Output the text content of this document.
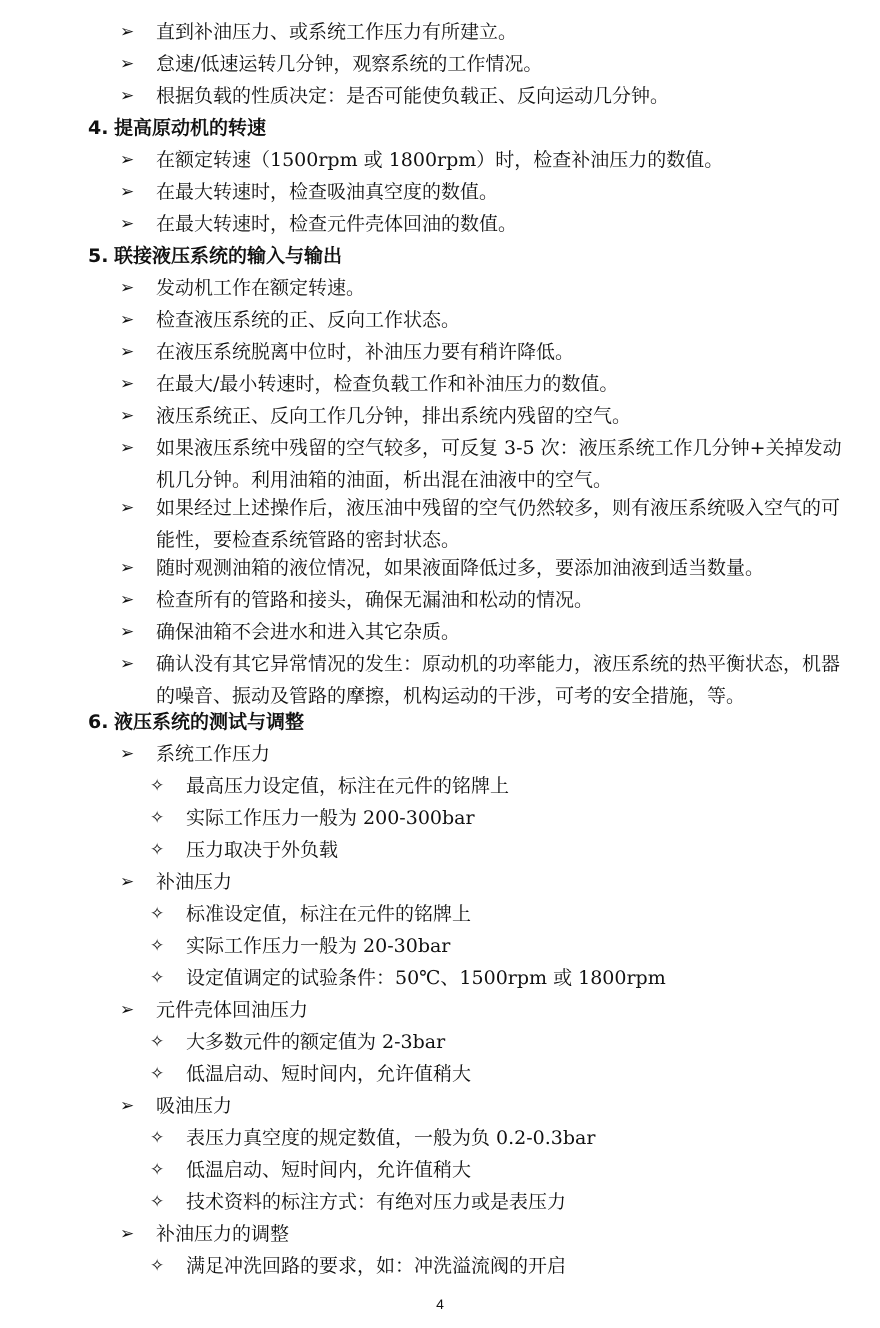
➢	直到补油压力、或系统工作压力有所建立。
➢	怠速/低速运转几分钟，观察系统的工作情况。
➢	根据负载的性质决定：是否可能使负载正、反向运动几分钟。
4. 提高原动机的转速
➢	在额定转速（1500rpm 或 1800rpm）时，检查补油压力的数值。
➢	在最大转速时，检查吸油真空度的数值。
➢	在最大转速时，检查元件壳体回油的数值。
5. 联接液压系统的输入与输出
➢	发动机工作在额定转速。
➢	检查液压系统的正、反向工作状态。
➢	在液压系统脱离中位时，补油压力要有稍许降低。
➢	在最大/最小转速时，检查负载工作和补油压力的数值。
➢	液压系统正、反向工作几分钟，排出系统内残留的空气。
➢	如果液压系统中残留的空气较多，可反复 3-5 次：液压系统工作几分钟+关掉发动机几分钟。利用油箱的油面，析出混在油液中的空气。
➢	如果经过上述操作后，液压油中残留的空气仍然较多，则有液压系统吸入空气的可能性，要检查系统管路的密封状态。
➢	随时观测油箱的液位情况，如果液面降低过多，要添加油液到适当数量。
➢	检查所有的管路和接头，确保无漏油和松动的情况。
➢	确保油箱不会进水和进入其它杂质。
➢	确认没有其它异常情况的发生：原动机的功率能力，液压系统的热平衡状态，机器的噪音、振动及管路的摩擦，机构运动的干涉，可考的安全措施，等。
6. 液压系统的测试与调整
➢	系统工作压力
✧	最高压力设定值，标注在元件的铭牌上
✧	实际工作压力一般为 200-300bar
✧	压力取决于外负载
➢	补油压力
✧	标准设定值，标注在元件的铭牌上
✧	实际工作压力一般为 20-30bar
✧	设定值调定的试验条件：50℃、1500rpm 或 1800rpm
➢	元件壳体回油压力
✧	大多数元件的额定值为 2-3bar
✧	低温启动、短时间内，允许值稍大
➢	吸油压力
✧	表压力真空度的规定数值，一般为负 0.2-0.3bar
✧	低温启动、短时间内，允许值稍大
✧	技术资料的标注方式：有绝对压力或是表压力
➢	补油压力的调整
✧	满足冲洗回路的要求，如：冲洗溢流阀的开启
4
